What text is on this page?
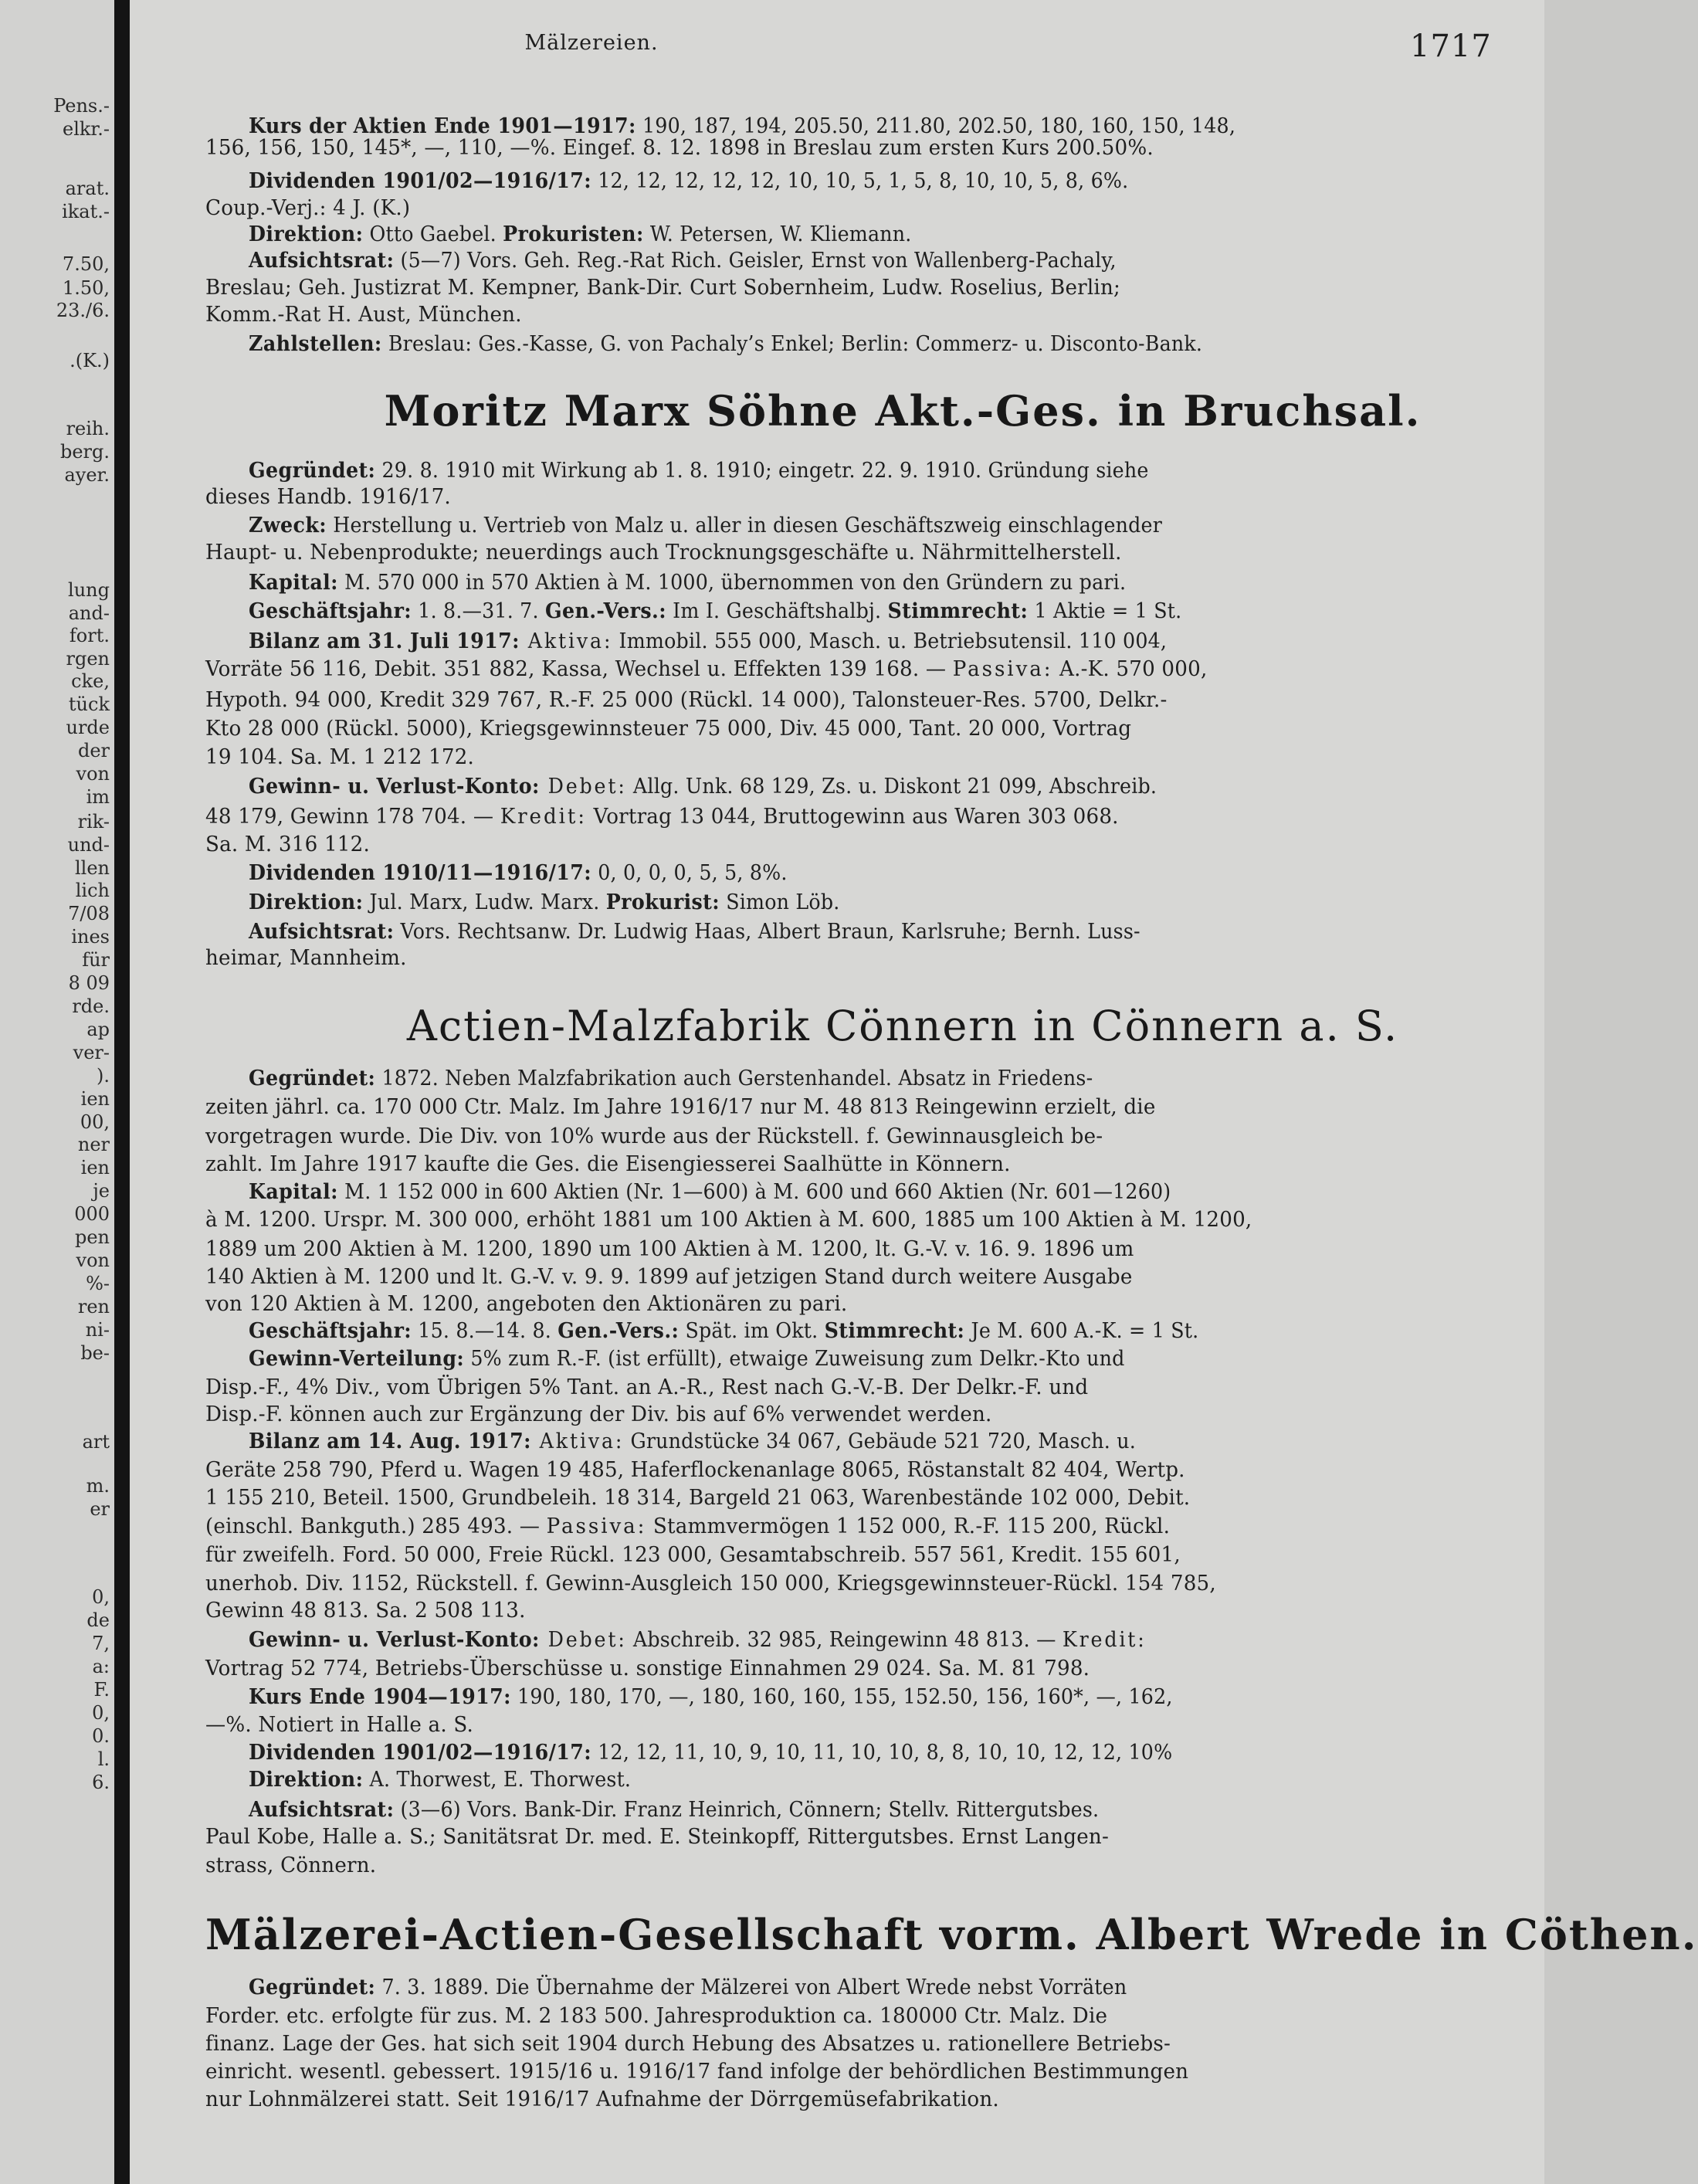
Pens.-
elkr.-
arat.
ikat.-
7.50,
1.50,
23./6.
.(K.)
reih.
berg.
ayer.
lung
and-
fort.
rgen
cke,
tück
urde
der
von
im
rik-
und-
llen
lich
7/08
ines
für
8 09
rde.
ap
ver-
).
ien
00,
ner
ien
je
000
pen
von
%-
ren
ni-
be-
art
m.
er
0,
de
7,
a:
F.
0,
0.
l.
6.
Mälzereien.	1717
Kurs der Aktien Ende 1901—1917: 190, 187, 194, 205.50, 211.80, 202.50, 180, 160, 150, 148,
156, 156, 150, 145*, —, 110, —%. Eingef. 8. 12. 1898 in Breslau zum ersten Kurs 200.50%.
Dividenden 1901/02—1916/17: 12, 12, 12, 12, 12, 10, 10, 5, 1, 5, 8, 10, 10, 5, 8, 6%.
Coup.-Verj.: 4 J. (K.)
Direktion: Otto Gaebel. Prokuristen: W. Petersen, W. Kliemann.
Aufsichtsrat: (5—7) Vors. Geh. Reg.-Rat Rich. Geisler, Ernst von Wallenberg-Pachaly,
Breslau; Geh. Justizrat M. Kempner, Bank-Dir. Curt Sobernheim, Ludw. Roselius, Berlin;
Komm.-Rat H. Aust, München.
Zahlstellen: Breslau: Ges.-Kasse, G. von Pachaly’s Enkel; Berlin: Commerz- u. Disconto-Bank.
Moritz Marx Söhne Akt.-Ges. in Bruchsal.
Gegründet: 29. 8. 1910 mit Wirkung ab 1. 8. 1910; eingetr. 22. 9. 1910. Gründung siehe
dieses Handb. 1916/17.
Zweck: Herstellung u. Vertrieb von Malz u. aller in diesen Geschäftszweig einschlagender
Haupt- u. Nebenprodukte; neuerdings auch Trocknungsgeschäfte u. Nährmittelherstell.
Kapital: M. 570 000 in 570 Aktien à M. 1000, übernommen von den Gründern zu pari.
Geschäftsjahr: 1. 8.—31. 7. Gen.-Vers.: Im I. Geschäftshalbj. Stimmrecht: 1 Aktie = 1 St.
Bilanz am 31. Juli 1917: Aktiva: Immobil. 555 000, Masch. u. Betriebsutensil. 110 004,
Vorräte 56 116, Debit. 351 882, Kassa, Wechsel u. Effekten 139 168. — Passiva: A.-K. 570 000,
Hypoth. 94 000, Kredit 329 767, R.-F. 25 000 (Rückl. 14 000), Talonsteuer-Res. 5700, Delkr.-
Kto 28 000 (Rückl. 5000), Kriegsgewinnsteuer 75 000, Div. 45 000, Tant. 20 000, Vortrag
19 104. Sa. M. 1 212 172.
Gewinn- u. Verlust-Konto: Debet: Allg. Unk. 68 129, Zs. u. Diskont 21 099, Abschreib.
48 179, Gewinn 178 704. — Kredit: Vortrag 13 044, Bruttogewinn aus Waren 303 068.
Sa. M. 316 112.
Dividenden 1910/11—1916/17: 0, 0, 0, 0, 5, 5, 8%.
Direktion: Jul. Marx, Ludw. Marx. Prokurist: Simon Löb.
Aufsichtsrat: Vors. Rechtsanw. Dr. Ludwig Haas, Albert Braun, Karlsruhe; Bernh. Luss-
heimar, Mannheim.
Actien-Malzfabrik Cönnern in Cönnern a. S.
Gegründet: 1872. Neben Malzfabrikation auch Gerstenhandel. Absatz in Friedens-
zeiten jährl. ca. 170 000 Ctr. Malz. Im Jahre 1916/17 nur M. 48 813 Reingewinn erzielt, die
vorgetragen wurde. Die Div. von 10% wurde aus der Rückstell. f. Gewinnausgleich be-
zahlt. Im Jahre 1917 kaufte die Ges. die Eisengiesserei Saalhütte in Könnern.
Kapital: M. 1 152 000 in 600 Aktien (Nr. 1—600) à M. 600 und 660 Aktien (Nr. 601—1260)
à M. 1200. Urspr. M. 300 000, erhöht 1881 um 100 Aktien à M. 600, 1885 um 100 Aktien à M. 1200,
1889 um 200 Aktien à M. 1200, 1890 um 100 Aktien à M. 1200, lt. G.-V. v. 16. 9. 1896 um
140 Aktien à M. 1200 und lt. G.-V. v. 9. 9. 1899 auf jetzigen Stand durch weitere Ausgabe
von 120 Aktien à M. 1200, angeboten den Aktionären zu pari.
Geschäftsjahr: 15. 8.—14. 8. Gen.-Vers.: Spät. im Okt. Stimmrecht: Je M. 600 A.-K. = 1 St.
Gewinn-Verteilung: 5% zum R.-F. (ist erfüllt), etwaige Zuweisung zum Delkr.-Kto und
Disp.-F., 4% Div., vom Übrigen 5% Tant. an A.-R., Rest nach G.-V.-B. Der Delkr.-F. und
Disp.-F. können auch zur Ergänzung der Div. bis auf 6% verwendet werden.
Bilanz am 14. Aug. 1917: Aktiva: Grundstücke 34 067, Gebäude 521 720, Masch. u.
Geräte 258 790, Pferd u. Wagen 19 485, Haferflockenanlage 8065, Röstanstalt 82 404, Wertp.
1 155 210, Beteil. 1500, Grundbeleih. 18 314, Bargeld 21 063, Warenbestände 102 000, Debit.
(einschl. Bankguth.) 285 493. — Passiva: Stammvermögen 1 152 000, R.-F. 115 200, Rückl.
für zweifelh. Ford. 50 000, Freie Rückl. 123 000, Gesamtabschreib. 557 561, Kredit. 155 601,
unerhob. Div. 1152, Rückstell. f. Gewinn-Ausgleich 150 000, Kriegsgewinnsteuer-Rückl. 154 785,
Gewinn 48 813. Sa. 2 508 113.
Gewinn- u. Verlust-Konto: Debet: Abschreib. 32 985, Reingewinn 48 813. — Kredit:
Vortrag 52 774, Betriebs-Überschüsse u. sonstige Einnahmen 29 024. Sa. M. 81 798.
Kurs Ende 1904—1917: 190, 180, 170, —, 180, 160, 160, 155, 152.50, 156, 160*, —, 162,
—%. Notiert in Halle a. S.
Dividenden 1901/02—1916/17: 12, 12, 11, 10, 9, 10, 11, 10, 10, 8, 8, 10, 10, 12, 12, 10%
Direktion: A. Thorwest, E. Thorwest.
Aufsichtsrat: (3—6) Vors. Bank-Dir. Franz Heinrich, Cönnern; Stellv. Rittergutsbes.
Paul Kobe, Halle a. S.; Sanitätsrat Dr. med. E. Steinkopff, Rittergutsbes. Ernst Langen-
strass, Cönnern.
Mälzerei-Actien-Gesellschaft vorm. Albert Wrede in Cöthen.
Gegründet: 7. 3. 1889. Die Übernahme der Mälzerei von Albert Wrede nebst Vorräten
Forder. etc. erfolgte für zus. M. 2 183 500. Jahresproduktion ca. 180000 Ctr. Malz. Die
finanz. Lage der Ges. hat sich seit 1904 durch Hebung des Absatzes u. rationellere Betriebs-
einricht. wesentl. gebessert. 1915/16 u. 1916/17 fand infolge der behördlichen Bestimmungen
nur Lohnmälzerei statt. Seit 1916/17 Aufnahme der Dörrgemüsefabrikation.
